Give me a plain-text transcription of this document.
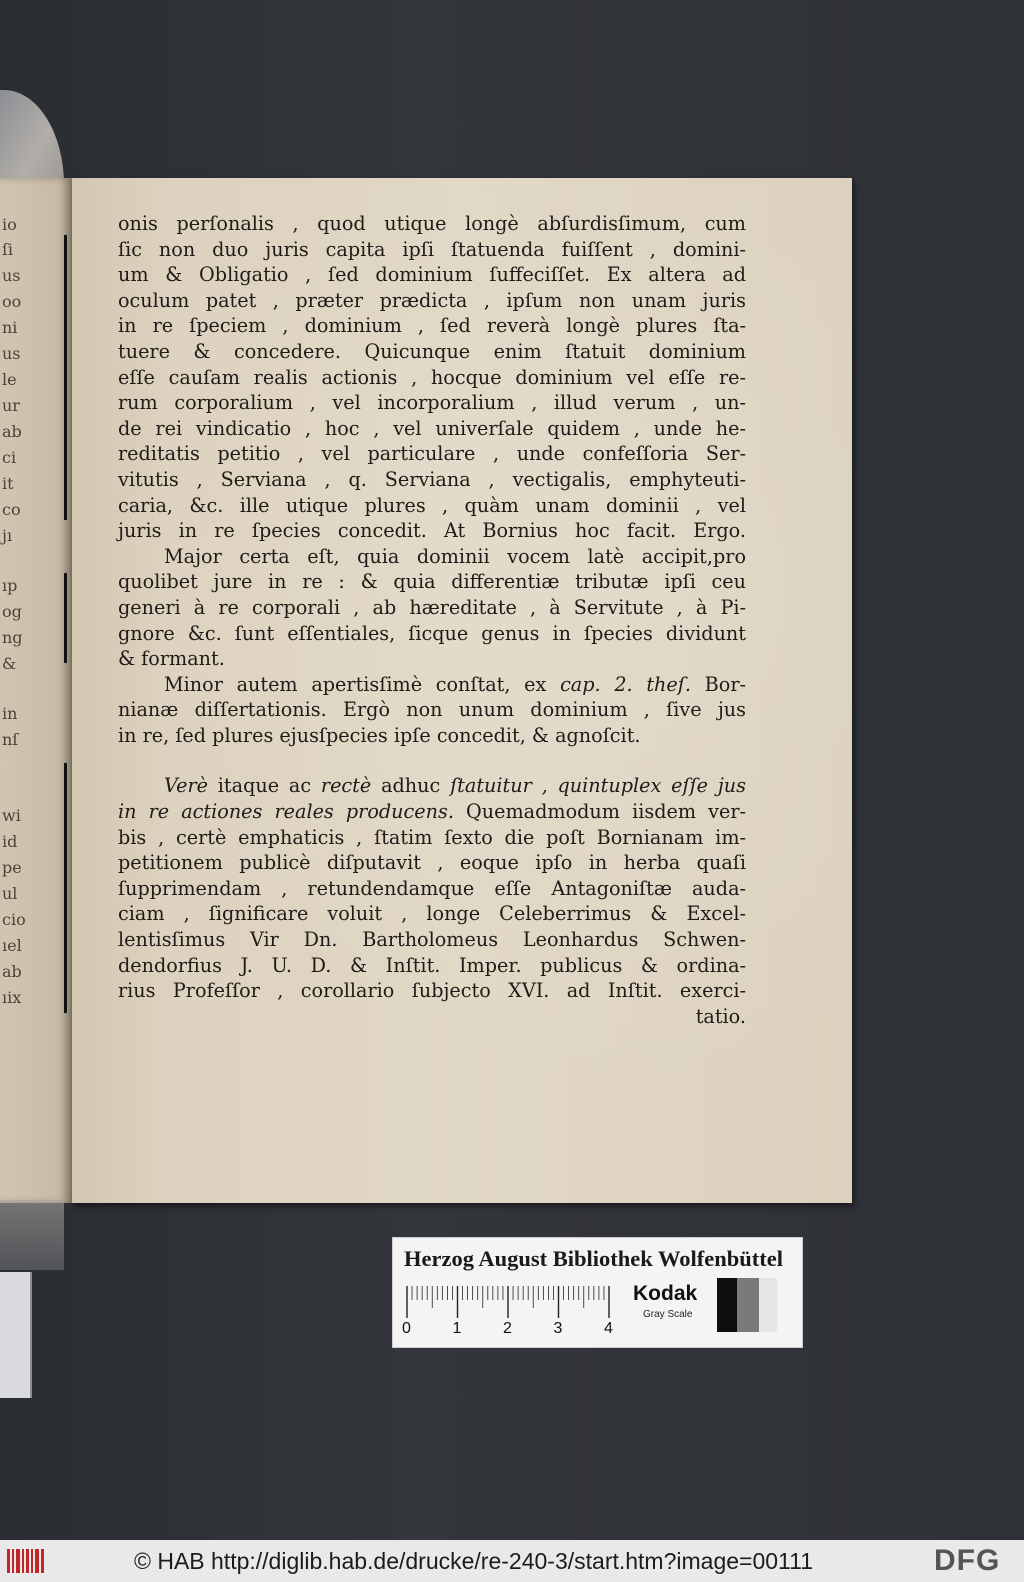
io
ſi
us
oo
ni
us
le
ur
ab
ci
it
co
jı
ıp
og
ng
&
in
nſ
wi
id
pe
ul
cio
ıel
ab
ıix
onis perſonalis , quod utique longè abſurdisſimum, cum
ſic non duo juris capita ipſi ſtatuenda fuiſſent , domini-
um & Obligatio , ſed dominium ſuffeciſſet. Ex altera ad
oculum patet , præter prædicta , ipſum non unam juris
in re ſpeciem , dominium , ſed reverà longè plures ſta-
tuere & concedere. Quicunque enim ſtatuit dominium
eſſe cauſam realis actionis , hocque dominium vel eſſe re-
rum corporalium , vel incorporalium , illud verum , un-
de rei vindicatio , hoc , vel univerſale quidem , unde he-
reditatis petitio , vel particulare , unde confeſſoria Ser-
vitutis , Serviana , q. Serviana , vectigalis, emphyteuti-
caria, &c. ille utique plures , quàm unam dominii , vel
juris in re ſpecies concedit. At Bornius hoc facit. Ergo.
Major certa eſt, quia dominii vocem latè accipit,pro
quolibet jure in re : & quia differentiæ tributæ ipſi ceu
generi à re corporali , ab hæreditate , à Servitute , à Pi-
gnore &c. ſunt eſſentiales, ſicque genus in ſpecies dividunt
& formant.
Minor autem apertisſimè conſtat, ex cap. 2. theſ. Bor-
nianæ diſſertationis. Ergò non unum dominium , ſive jus
in re, ſed plures ejusſpecies ipſe concedit, & agnoſcit.
Verè itaque ac rectè adhuc ſtatuitur , quintuplex eſſe jus
in re actiones reales producens. Quemadmodum iisdem ver-
bis , certè emphaticis , ſtatim ſexto die poſt Bornianam im-
petitionem publicè diſputavit , eoque ipſo in herba quaſi
ſupprimendam , retundendamque eſſe Antagoniſtæ auda-
ciam , ſignificare voluit , longe Celeberrimus & Excel-
lentisſimus Vir Dn. Bartholomeus Leonhardus Schwen-
dendorfius J. U. D. & Inſtit. Imper. publicus & ordina-
rius Profeſſor , corollario ſubjecto XVI. ad Inſtit. exerci-
tatio.
Herzog August Bibliothek Wolfenbüttel
0	1	2	3	4
Kodak
Gray Scale
© HAB http://diglib.hab.de/drucke/re-240-3/start.htm?image=00111	DFG
